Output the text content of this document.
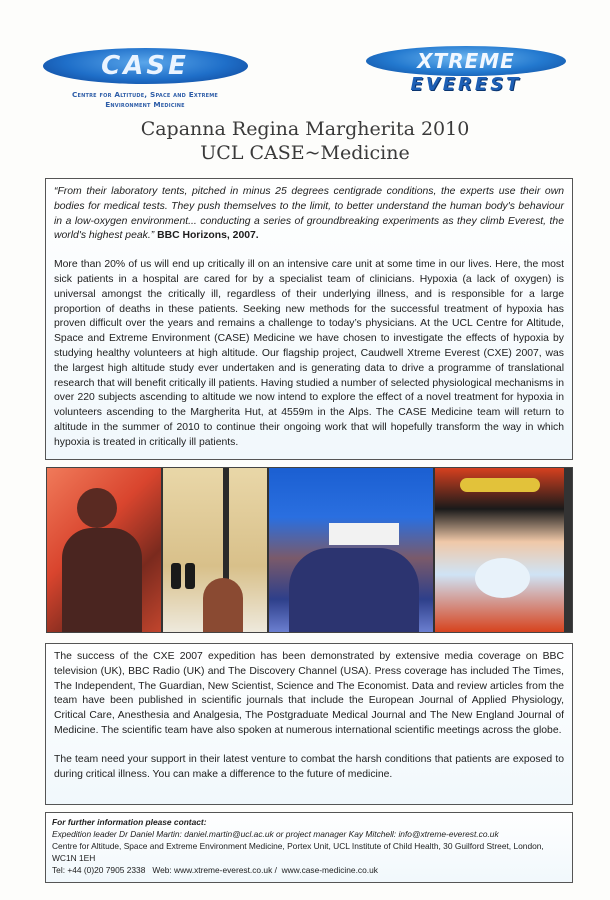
CASE
Centre for Altitude, Space and Extreme
Environment Medicine
XTREME
EVEREST
Capanna Regina Margherita 2010
UCL CASE~Medicine

“From their laboratory tents, pitched in minus 25 degrees centigrade conditions, the experts use their own bodies for medical tests. They push themselves to the limit, to better understand the human body's behaviour in a low-oxygen environment... conducting a series of groundbreaking experiments as they climb Everest, the world's highest peak.” BBC Horizons, 2007.

More than 20% of us will end up critically ill on an intensive care unit at some time in our lives. Here, the most sick patients in a hospital are cared for by a specialist team of clinicians. Hypoxia (a lack of oxygen) is universal amongst the critically ill, regardless of their underlying illness, and is responsible for a large proportion of deaths in these patients. Seeking new methods for the successful treatment of hypoxia has proven difficult over the years and remains a challenge to today’s physicians. At the UCL Centre for Altitude, Space and Extreme Environment (CASE) Medicine we have chosen to investigate the effects of hypoxia by studying healthy volunteers at high altitude. Our flagship project, Caudwell Xtreme Everest (CXE) 2007, was the largest high altitude study ever undertaken and is generating data to drive a programme of translational research that will benefit critically ill patients. Having studied a number of selected physiological mechanisms in over 220 subjects ascending to altitude we now intend to explore the effect of a novel treatment for hypoxia in volunteers ascending to the Margherita Hut, at 4559m in the Alps. The CASE Medicine team will return to altitude in the summer of 2010 to continue their ongoing work that will hopefully transform the way in which hypoxia is treated in critically ill patients.

The success of the CXE 2007 expedition has been demonstrated by extensive media coverage on BBC television (UK), BBC Radio (UK) and The Discovery Channel (USA). Press coverage has included The Times, The Independent, The Guardian, New Scientist, Science and The Economist. Data and review articles from the team have been published in scientific journals that include the European Journal of Applied Physiology, Critical Care, Anesthesia and Analgesia, The Postgraduate Medical Journal and The New England Journal of Medicine. The scientific team have also spoken at numerous international scientific meetings across the globe.

The team need your support in their latest venture to combat the harsh conditions that patients are exposed to during critical illness. You can make a difference to the future of medicine.

For further information please contact:

Expedition leader Dr Daniel Martin: daniel.martin@ucl.ac.uk or project manager Kay Mitchell: info@xtreme-everest.co.uk

Centre for Altitude, Space and Extreme Environment Medicine, Portex Unit, UCL Institute of Child Health, 30 Guilford Street, London, WC1N 1EH

Tel: +44 (0)20 7905 2338   Web: www.xtreme-everest.co.uk /  www.case-medicine.co.uk
